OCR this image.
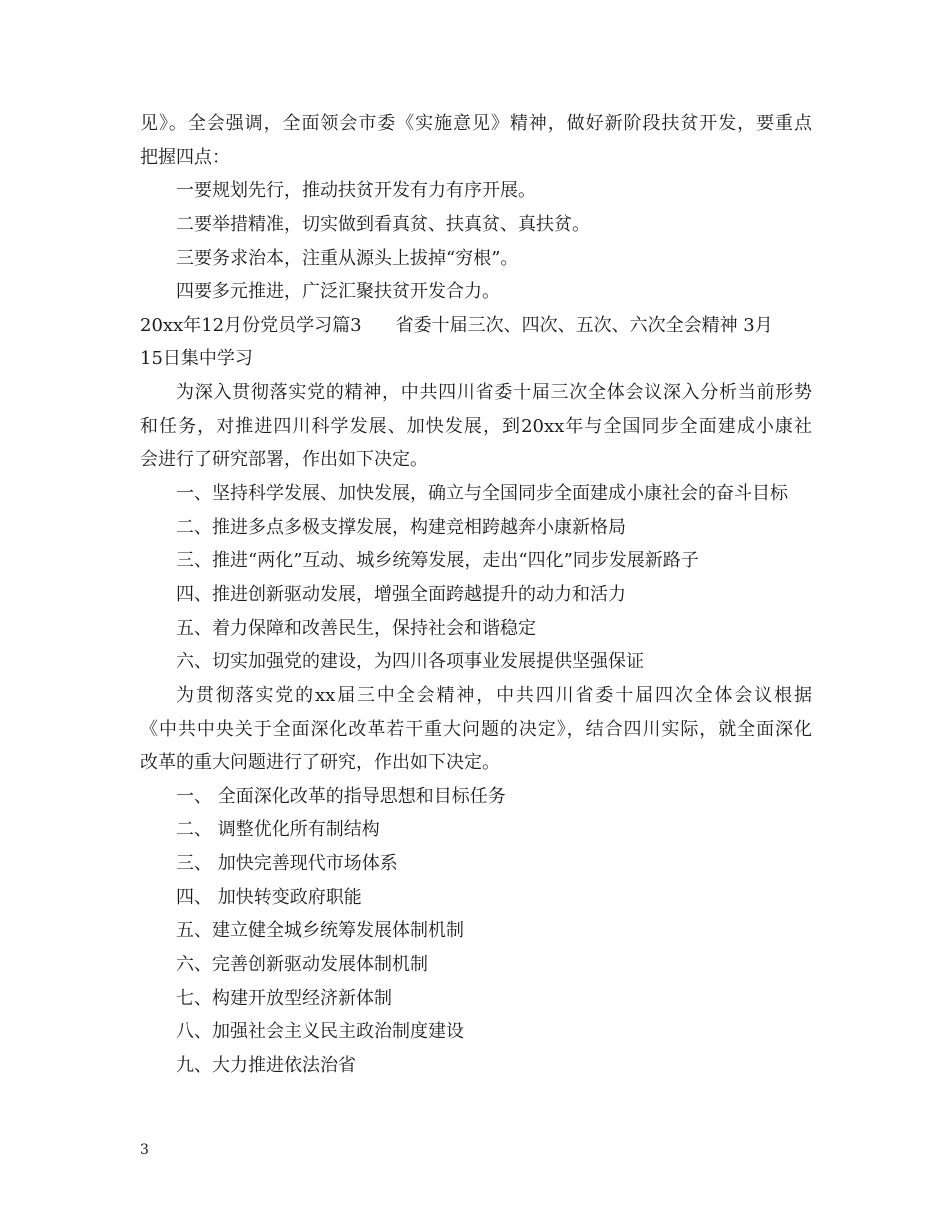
见》。全会强调，全面领会市委《实施意见》精神，做好新阶段扶贫开发，要重点
把握四点：
一要规划先行，推动扶贫开发有力有序开展。
二要举措精准，切实做到看真贫、扶真贫、真扶贫。
三要务求治本，注重从源头上拔掉“穷根”。
四要多元推进，广泛汇聚扶贫开发合力。
20xx年12月份党员学习篇3 省委十届三次、四次、五次、六次全会精神 3月
15日集中学习
为深入贯彻落实党的精神，中共四川省委十届三次全体会议深入分析当前形势
和任务，对推进四川科学发展、加快发展，到20xx年与全国同步全面建成小康社
会进行了研究部署，作出如下决定。
一、坚持科学发展、加快发展，确立与全国同步全面建成小康社会的奋斗目标
二、推进多点多极支撑发展，构建竞相跨越奔小康新格局
三、推进“两化”互动、城乡统筹发展，走出“四化”同步发展新路子
四、推进创新驱动发展，增强全面跨越提升的动力和活力
五、着力保障和改善民生，保持社会和谐稳定
六、切实加强党的建设，为四川各项事业发展提供坚强保证
为贯彻落实党的xx届三中全会精神，中共四川省委十届四次全体会议根据
《中共中央关于全面深化改革若干重大问题的决定》，结合四川实际，就全面深化
改革的重大问题进行了研究，作出如下决定。
一、 全面深化改革的指导思想和目标任务
二、 调整优化所有制结构
三、 加快完善现代市场体系
四、 加快转变政府职能
五、建立健全城乡统筹发展体制机制
六、完善创新驱动发展体制机制
七、构建开放型经济新体制
八、加强社会主义民主政治制度建设
九、大力推进依法治省
3
